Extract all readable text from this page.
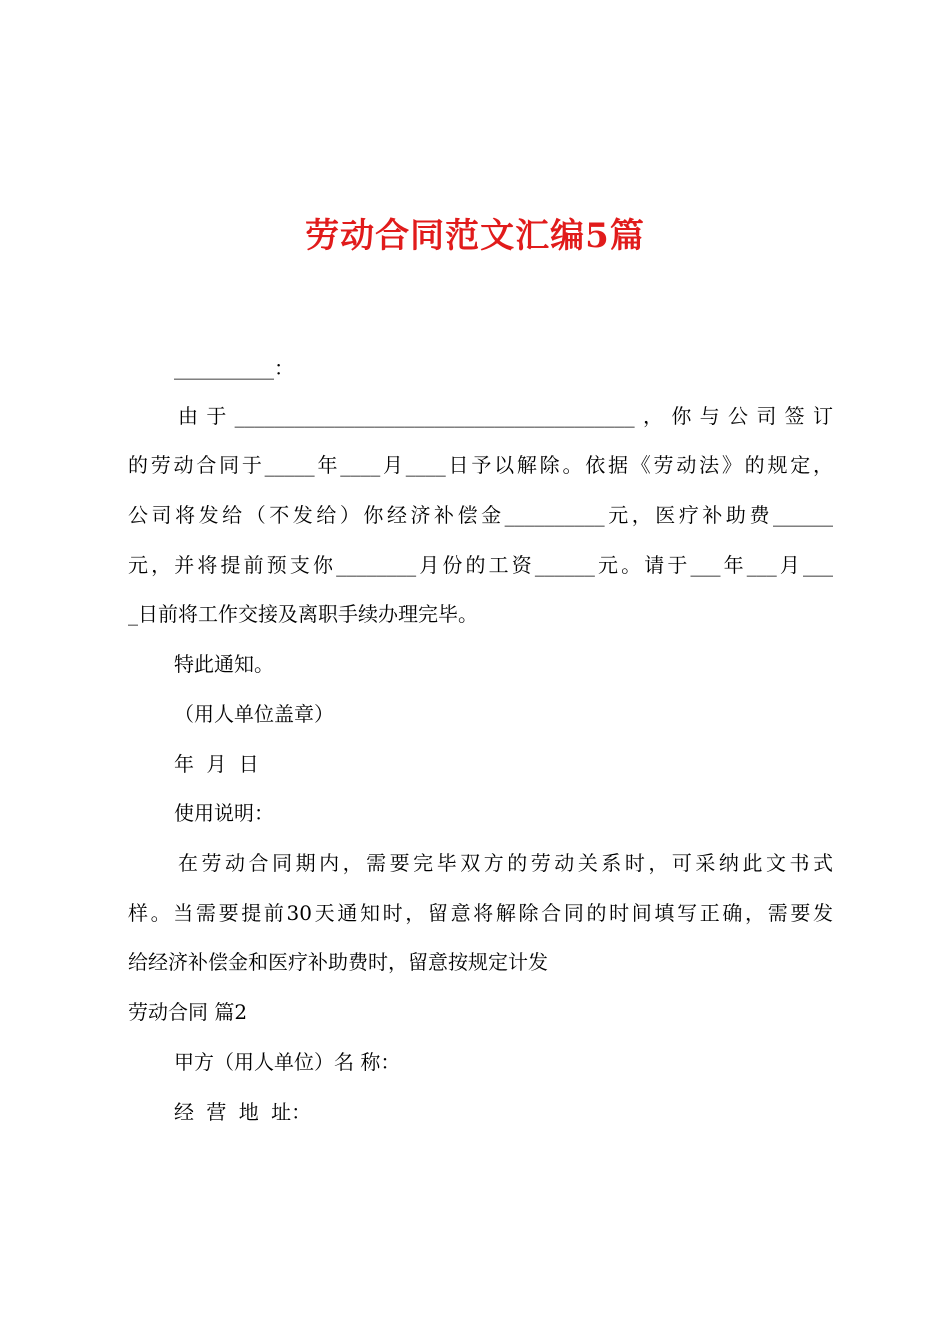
劳动合同范文汇编5篇

__________：

由于________________________________________，你与公司签订

的劳动合同于_____年____月____日予以解除。依据《劳动法》的规定，

公司将发给（不发给）你经济补偿金__________元，医疗补助费______

元，并将提前预支你________月份的工资______元。请于___年___月___

_日前将工作交接及离职手续办理完毕。

特此通知。

（用人单位盖章）

年 月 日

使用说明：

在劳动合同期内，需要完毕双方的劳动关系时，可采纳此文书式

样。当需要提前30天通知时，留意将解除合同的时间填写正确，需要发

给经济补偿金和医疗补助费时，留意按规定计发

劳动合同 篇2

甲方（用人单位）名 称：

经 营 地 址：
